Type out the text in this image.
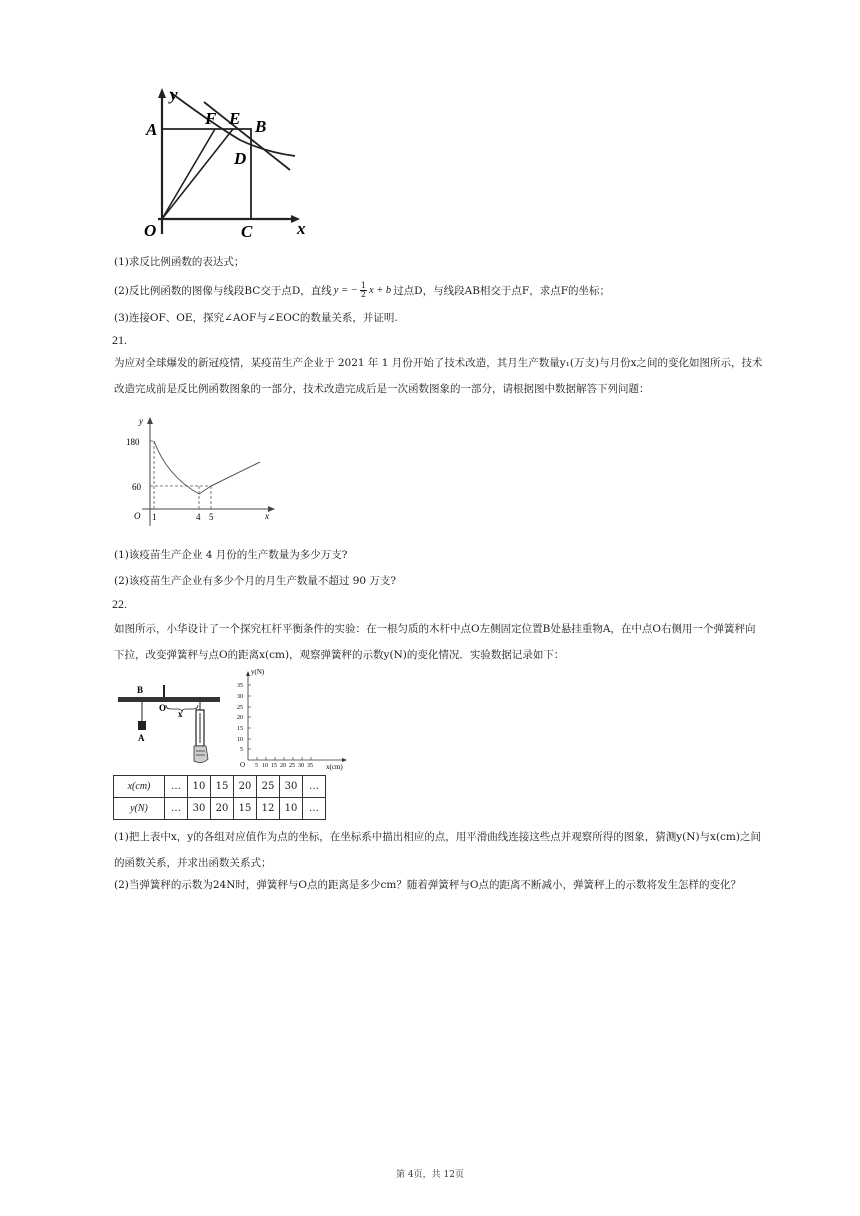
y
A
F E B
D
O	C	x
(1)求反比例函数的表达式；
(2)反比例函数的图像与线段BC交于点D，直线 y = − $\frac{1}{2}$ x + b 过点D，与线段AB相交于点F，求点F的坐标；
(3)连接OF、OE，探究∠AOF与∠EOC的数量关系，并证明.
21.
为应对全球爆发的新冠疫情，某疫苗生产企业于 2021 年 1 月份开始了技术改造，其月生产数量y₁(万支)与月份x之间的变化如图所示，技术
改造完成前是反比例函数图象的一部分，技术改造完成后是一次函数图象的一部分，请根据图中数据解答下列问题：
y
180
60
O 1	4 5	x
(1)该疫苗生产企业 4 月份的生产数量为多少万支?
(2)该疫苗生产企业有多少个月的月生产数量不超过 90 万支?
22.
如图所示，小华设计了一个探究杠杆平衡条件的实验：在一根匀质的木杆中点O左侧固定位置B处悬挂重物A，在中点O右侧用一个弹簧秤向
下拉，改变弹簧秤与点O的距离x(cm)，观察弹簧秤的示数y(N)的变化情况．实验数据记录如下：
B
O
A
x
y(N)
35
30
25
20
15
10
5
O 5 10 15 20 25 30 35 x(cm)
x(cm)	…	10	15	20	25	30	…
y(N)	…	30	20	15	12	10	…
(1)把上表中x，y的各组对应值作为点的坐标，在坐标系中描出相应的点，用平滑曲线连接这些点并观察所得的图象，猜测y(N)与x(cm)之间
的函数关系，并求出函数关系式；
(2)当弹簧秤的示数为24N时，弹簧秤与O点的距离是多少cm？随着弹簧秤与O点的距离不断减小，弹簧秤上的示数将发生怎样的变化？
第 4页，共 12页
